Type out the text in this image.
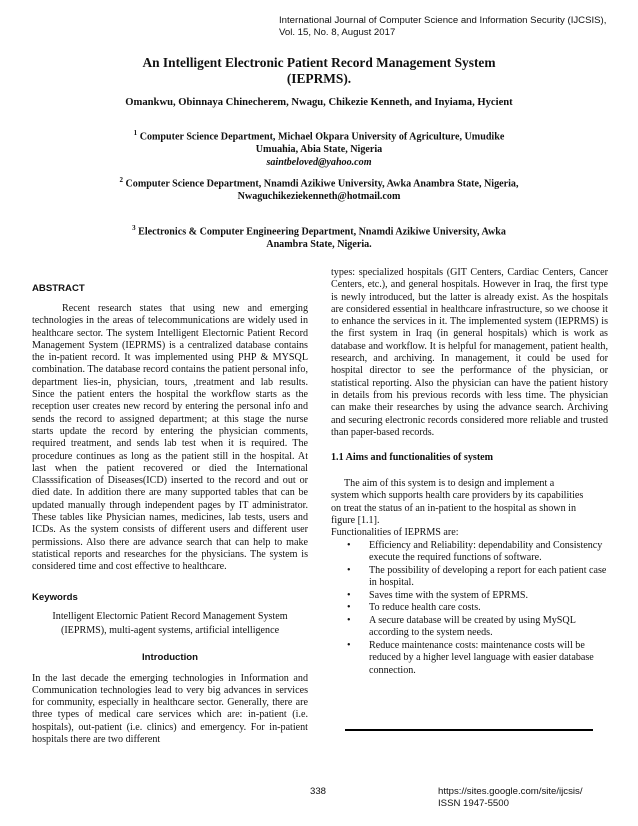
International Journal of Computer Science and Information Security (IJCSIS),
Vol. 15, No. 8, August 2017
An Intelligent Electronic Patient Record Management System
(IEPRMS).
Omankwu, Obinnaya Chinecherem, Nwagu, Chikezie Kenneth, and Inyiama, Hycient
$^1$ Computer Science Department, Michael Okpara University of Agriculture, Umudike
Umuahia, Abia State, Nigeria
saintbeloved@yahoo.com
$^2$ Computer Science Department, Nnamdi Azikiwe University, Awka Anambra State, Nigeria,
Nwaguchikeziekenneth@hotmail.com
$^3$ Electronics & Computer Engineering Department, Nnamdi Azikiwe University, Awka
Anambra State, Nigeria.
ABSTRACT

Recent research states that using new and emerging technologies in the areas of telecommunications are widely used in healthcare sector. The system Intelligent Electornic Patient Record Management System (IEPRMS) is a centralized database contains the in-patient record. It was implemented using PHP & MYSQL combination. The database record contains the patient personal info, department lies-in, physician, tours, ,treatment and lab results. Since the patient enters the hospital the workflow starts as the reception user creates new record by entering the personal info and sends the record to assigned department; at this stage the nurse starts update the record by entering the physician comments, required treatment, and sends lab test when it is required. The procedure continues as long as the patient still in the hospital. At last when the patient recovered or died the International Classsification of Diseases(ICD) inserted to the record and out or died date. In addition there are many supported tables that can be updated manually through independent pages by IT administrator. These tables like Physician names, medicines, lab tests, users and ICDs. As the system consists of different users and different user permissions. Also there are advance search that can help to make statistical reports and researches for the physicians. The system is considered time and cost effective to healthcare.

Keywords
Intelligent Electornic Patient Record Management System
(IEPRMS), multi-agent systems, artificial intelligence
Introduction

In the last decade the emerging technologies in Information and Communication technologies lead to very big advances in services for community, especially in healthcare sector. Generally, there are three types of medical care services which are: in-patient (i.e. hospitals), out-patient (i.e. clinics) and emergency. For in-patient hospitals there are two different

types: specialized hospitals (GIT Centers, Cardiac Centers, Cancer Centers, etc.), and general hospitals. However in Iraq, the first type is newly introduced, but the latter is already exist. As the hospitals are considered essential in healthcare infrastructure, so we choose it to enhance the services in it. The implemented system (IEPRMS) is the first system in Iraq (in general hospitals) which is work as database and workflow. It is helpful for management, patient health, research, and archiving. In management, it could be used for hospital director to see the performance of the physician, or statistical reporting. Also the physician can have the patient history in details from his previous records with less time. The physician can make their researches by using the advance search. Archiving and securing electronic records considered more reliable and trusted than paper-based records.

1.1 Aims and functionalities of system
The aim of this system is to design and implement a
system which supports health care providers by its capabilities
on treat the status of an in-patient to the hospital as shown in
figure [1.1].
Functionalities of IEPRMS are:
• Efficiency and Reliability: dependability and Consistency execute the required functions of software.
• The possibility of developing a report for each patient case in hospital.
• Saves time with the system of EPRMS.
• To reduce health care costs.
• A secure database will be created by using MySQL according to the system needs.
• Reduce maintenance costs: maintenance costs will be reduced by a higher level language with easier database connection.
338	https://sites.google.com/site/ijcsis/
ISSN 1947-5500
